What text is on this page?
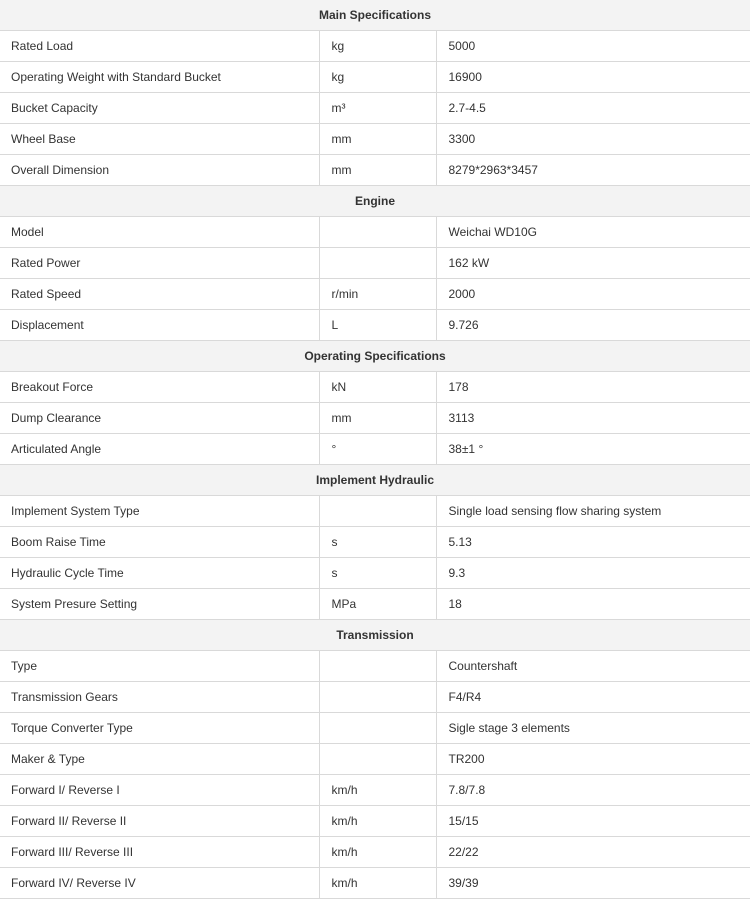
Main Specifications		
Rated Load	kg	5000
Operating Weight with Standard Bucket	kg	16900
Bucket Capacity	m³	2.7-4.5
Wheel Base	mm	3300
Overall Dimension	mm	8279*2963*3457
Engine		
Model		Weichai WD10G
Rated Power		162 kW
Rated Speed	r/min	2000
Displacement	L	9.726
Operating Specifications		
Breakout Force	kN	178
Dump Clearance	mm	3113
Articulated Angle	°	38±1 °
Implement Hydraulic		
Implement System Type		Single load sensing flow sharing system
Boom Raise Time	s	5.13
Hydraulic Cycle Time	s	9.3
System Presure Setting	MPa	18
Transmission		
Type		Countershaft
Transmission Gears		F4/R4
Torque Converter Type		Sigle stage 3 elements
Maker & Type		TR200
Forward I/ Reverse I	km/h	7.8/7.8
Forward II/ Reverse II	km/h	15/15
Forward III/ Reverse III	km/h	22/22
Forward IV/ Reverse IV	km/h	39/39
